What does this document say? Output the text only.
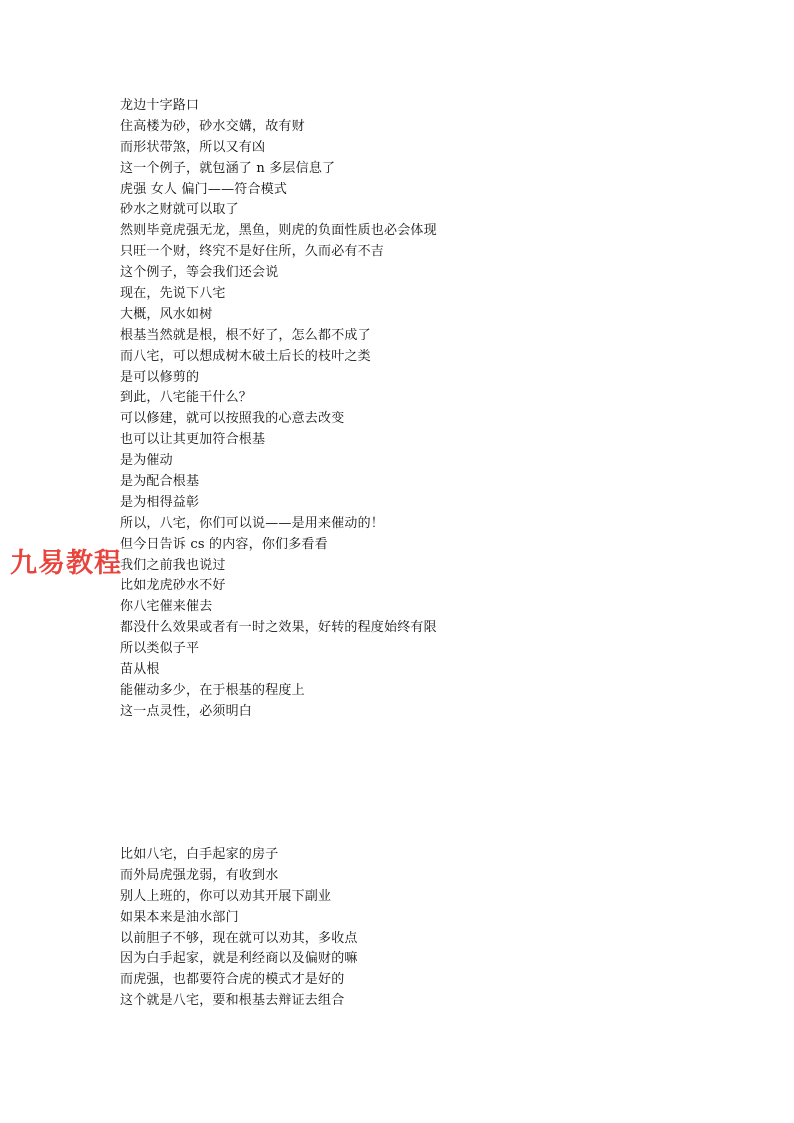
龙边十字路口
住高楼为砂，砂水交媾，故有财
而形状带煞，所以又有凶
这一个例子，就包涵了 n 多层信息了
虎强 女人 偏门——符合模式
砂水之财就可以取了
然则毕竟虎强无龙，黑鱼，则虎的负面性质也必会体现
只旺一个财，终究不是好住所，久而必有不吉
这个例子，等会我们还会说
现在，先说下八宅
大概，风水如树
根基当然就是根，根不好了，怎么都不成了
而八宅，可以想成树木破土后长的枝叶之类
是可以修剪的
到此，八宅能干什么？
可以修建，就可以按照我的心意去改变
也可以让其更加符合根基
是为催动
是为配合根基
是为相得益彰
所以，八宅，你们可以说——是用来催动的！
但今日告诉 cs 的内容，你们多看看
我们之前我也说过
比如龙虎砂水不好
你八宅催来催去
都没什么效果或者有一时之效果，好转的程度始终有限
所以类似子平
苗从根
能催动多少，在于根基的程度上
这一点灵性，必须明白
比如八宅，白手起家的房子
而外局虎强龙弱，有收到水
别人上班的，你可以劝其开展下副业
如果本来是油水部门
以前胆子不够，现在就可以劝其，多收点
因为白手起家，就是利经商以及偏财的嘛
而虎强，也都要符合虎的模式才是好的
这个就是八宅，要和根基去辩证去组合
九易教程
